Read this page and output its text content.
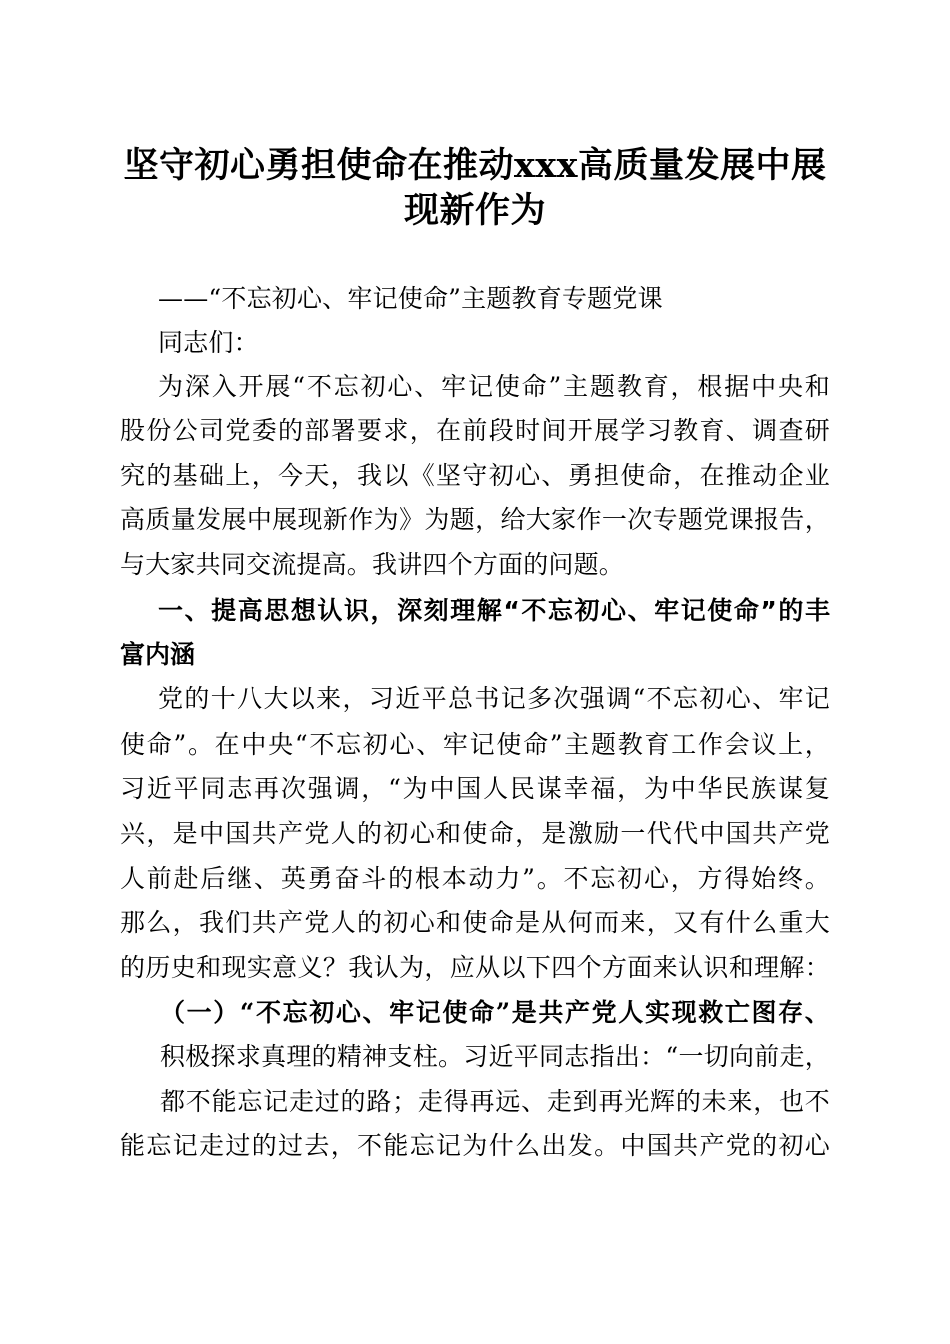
坚守初心勇担使命在推动xxx高质量发展中展
现新作为
——“不忘初心、牢记使命”主题教育专题党课
同志们：
为深入开展“不忘初心、牢记使命”主题教育，根据中央和
股份公司党委的部署要求，在前段时间开展学习教育、调查研
究的基础上，今天，我以《坚守初心、勇担使命，在推动企业
高质量发展中展现新作为》为题，给大家作一次专题党课报告，
与大家共同交流提高。我讲四个方面的问题。
一、提高思想认识，深刻理解“不忘初心、牢记使命”的丰
富内涵
党的十八大以来，习近平总书记多次强调“不忘初心、牢记
使命”。在中央“不忘初心、牢记使命”主题教育工作会议上，
习近平同志再次强调，“为中国人民谋幸福，为中华民族谋复
兴，是中国共产党人的初心和使命，是激励一代代中国共产党
人前赴后继、英勇奋斗的根本动力”。不忘初心，方得始终。
那么，我们共产党人的初心和使命是从何而来，又有什么重大
的历史和现实意义？我认为，应从以下四个方面来认识和理解：
（一）“不忘初心、牢记使命”是共产党人实现救亡图存、
积极探求真理的精神支柱。习近平同志指出：“一切向前走，
都不能忘记走过的路；走得再远、走到再光辉的未来，也不
能忘记走过的过去，不能忘记为什么出发。中国共产党的初心
